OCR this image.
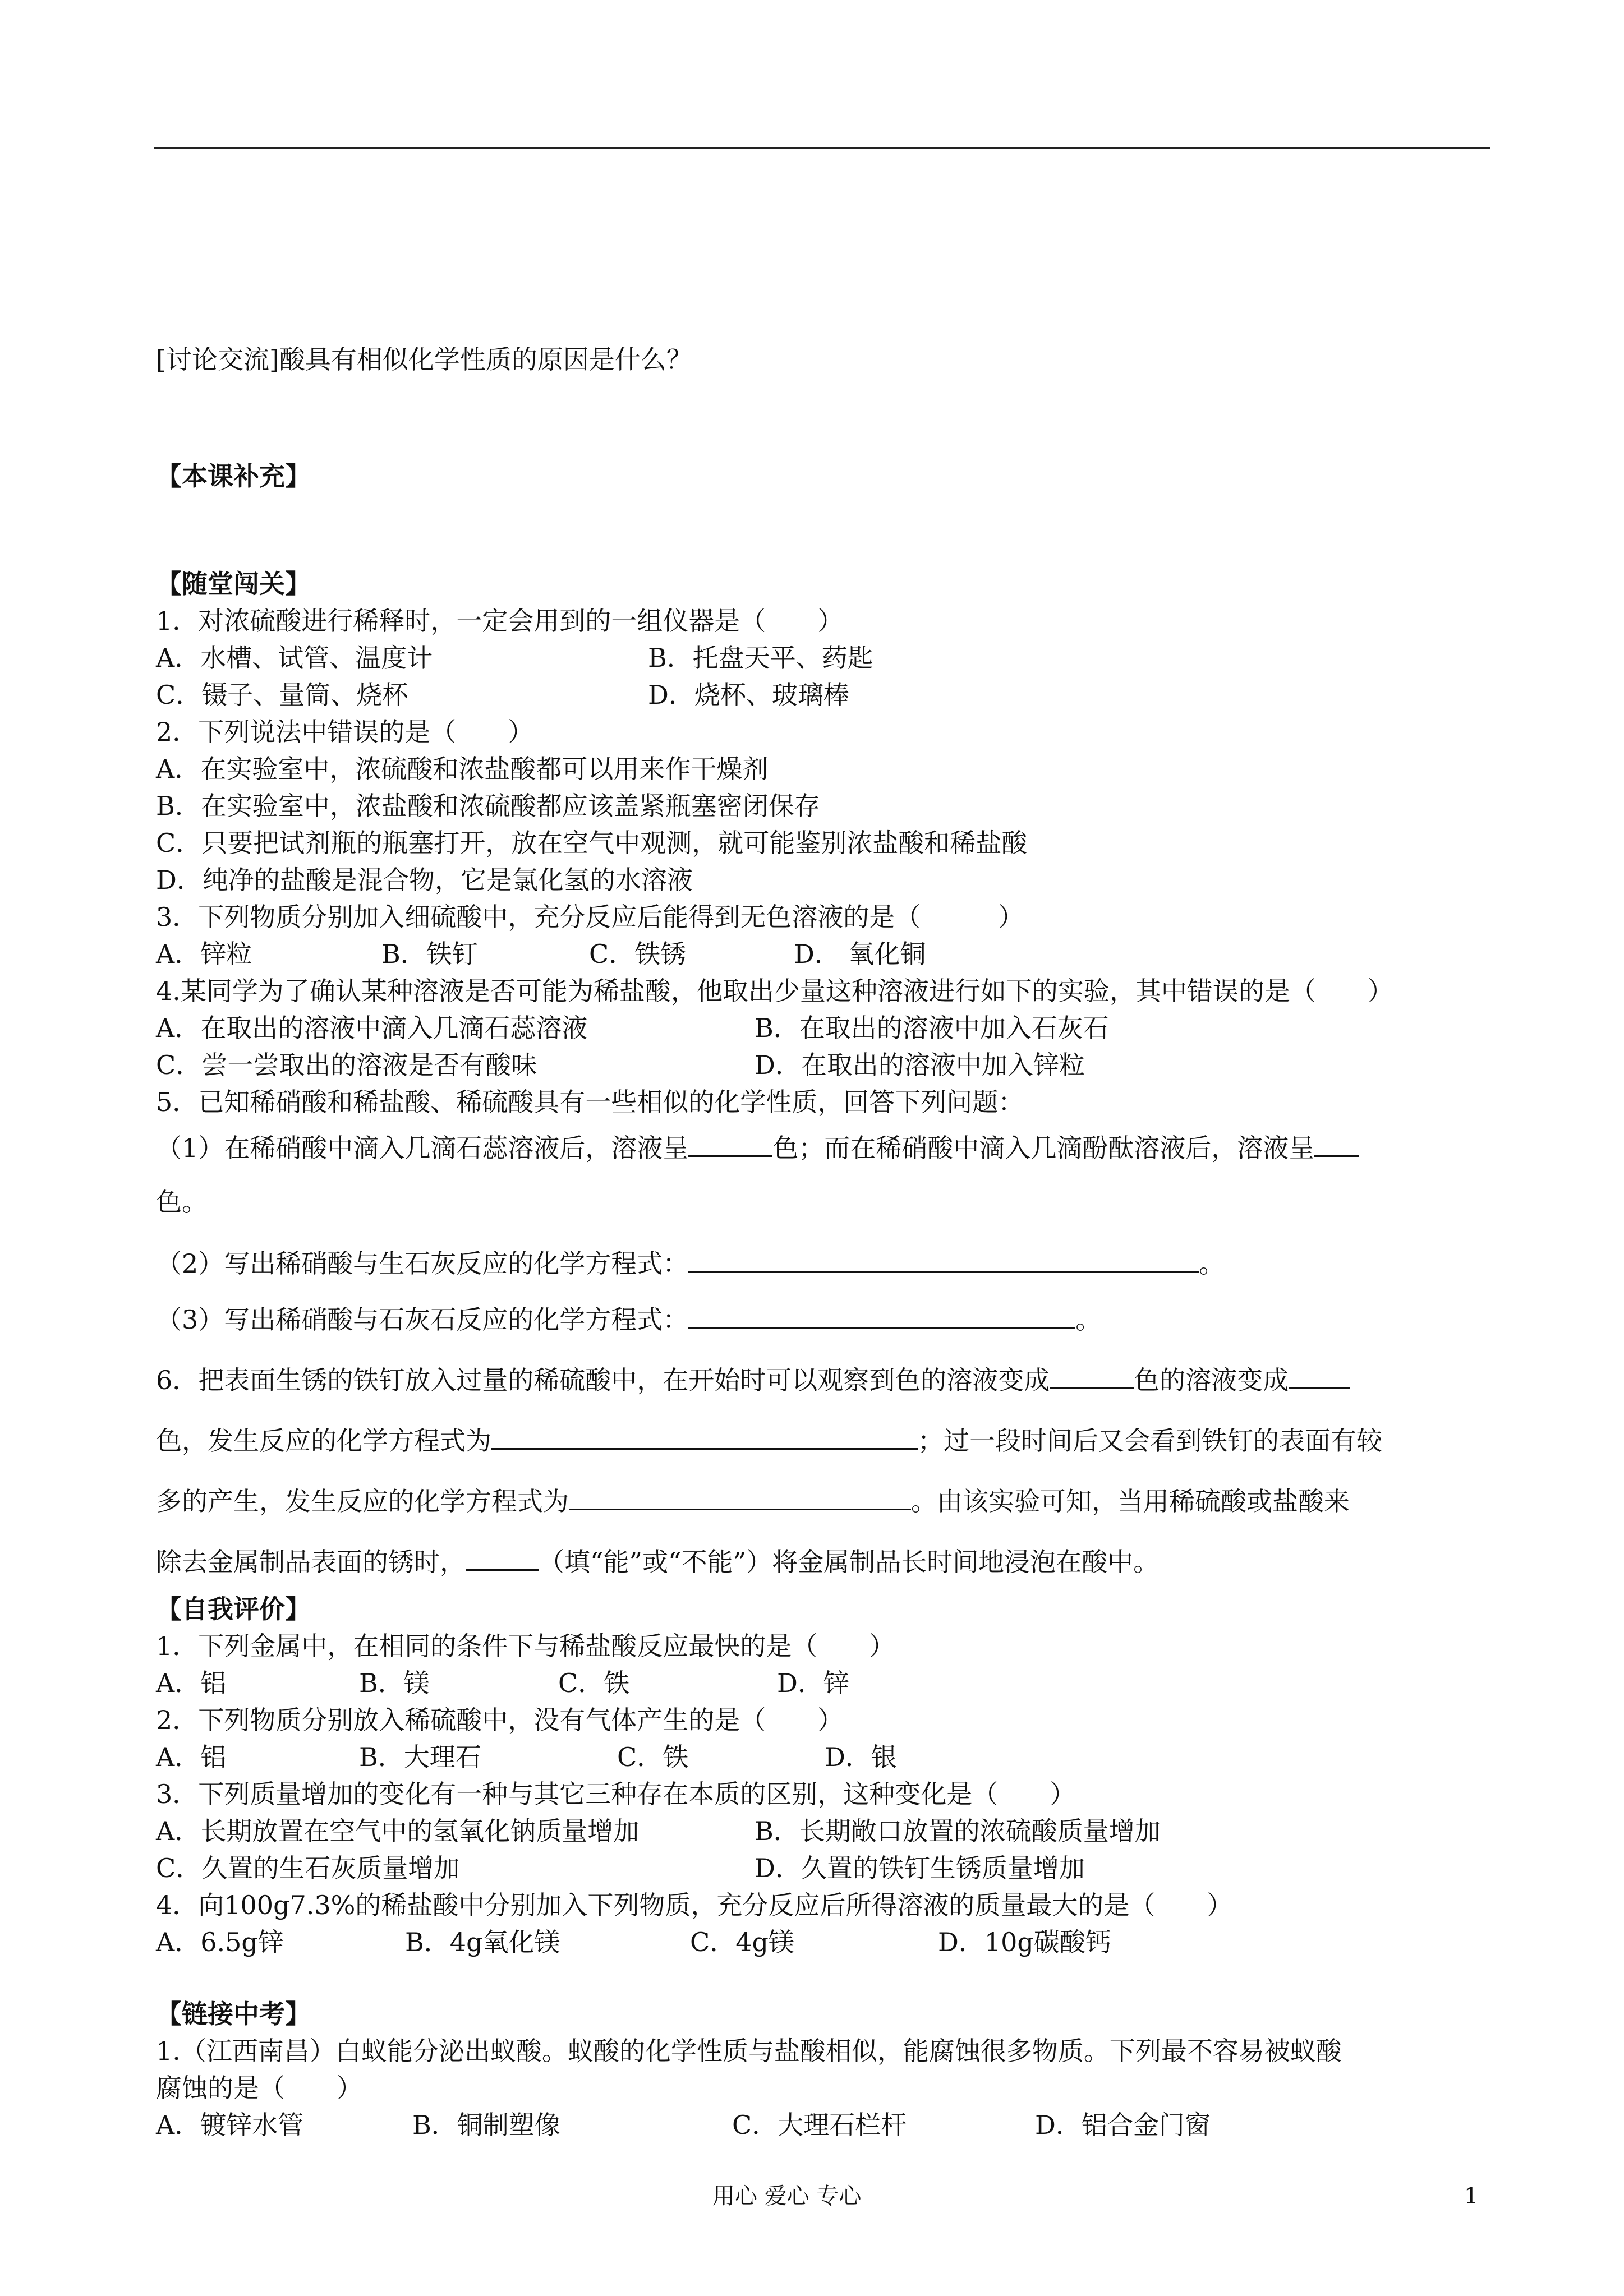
[讨论交流]酸具有相似化学性质的原因是什么？
【本课补充】
【随堂闯关】
1．对浓硫酸进行稀释时，一定会用到的一组仪器是（　　）
A．水槽、试管、温度计	B．托盘天平、药匙
C．镊子、量筒、烧杯	D．烧杯、玻璃棒
2．下列说法中错误的是（　　）
A．在实验室中，浓硫酸和浓盐酸都可以用来作干燥剂
B．在实验室中，浓盐酸和浓硫酸都应该盖紧瓶塞密闭保存
C．只要把试剂瓶的瓶塞打开，放在空气中观测，就可能鉴别浓盐酸和稀盐酸
D．纯净的盐酸是混合物，它是氯化氢的水溶液
3．下列物质分别加入细硫酸中，充分反应后能得到无色溶液的是（　　　）
A．锌粒	B．铁钉	C．铁锈	D． 氧化铜
4.某同学为了确认某种溶液是否可能为稀盐酸，他取出少量这种溶液进行如下的实验，其中错误的是（　　）
A．在取出的溶液中滴入几滴石蕊溶液	B．在取出的溶液中加入石灰石
C．尝一尝取出的溶液是否有酸味	D．在取出的溶液中加入锌粒
5．已知稀硝酸和稀盐酸、稀硫酸具有一些相似的化学性质，回答下列问题：
（1）在稀硝酸中滴入几滴石蕊溶液后，溶液呈	色；而在稀硝酸中滴入几滴酚酞溶液后，溶液呈
色。
（2）写出稀硝酸与生石灰反应的化学方程式：	。
（3）写出稀硝酸与石灰石反应的化学方程式：	。
6．把表面生锈的铁钉放入过量的稀硫酸中，在开始时可以观察到色的溶液变成	色的溶液变成
色，发生反应的化学方程式为	；过一段时间后又会看到铁钉的表面有较
多的产生，发生反应的化学方程式为	。由该实验可知，当用稀硫酸或盐酸来
除去金属制品表面的锈时，	（填“能”或“不能”）将金属制品长时间地浸泡在酸中。
【自我评价】
1．下列金属中，在相同的条件下与稀盐酸反应最快的是（　　）
A．铝	B．镁	C．铁	D．锌
2．下列物质分别放入稀硫酸中，没有气体产生的是（　　）
A．铝	B．大理石	C．铁	D．银
3．下列质量增加的变化有一种与其它三种存在本质的区别，这种变化是（　　）
A．长期放置在空气中的氢氧化钠质量增加	B．长期敞口放置的浓硫酸质量增加
C．久置的生石灰质量增加	D．久置的铁钉生锈质量增加
4．向100g7.3%的稀盐酸中分别加入下列物质，充分反应后所得溶液的质量最大的是（　　）
A．6.5g锌	B．4g氧化镁	C．4g镁	D．10g碳酸钙
【链接中考】
1.（江西南昌）白蚁能分泌出蚁酸。蚁酸的化学性质与盐酸相似，能腐蚀很多物质。下列最不容易被蚁酸
腐蚀的是（　　）
A．镀锌水管	B．铜制塑像	C．大理石栏杆	D．铝合金门窗
用心 爱心 专心	1
